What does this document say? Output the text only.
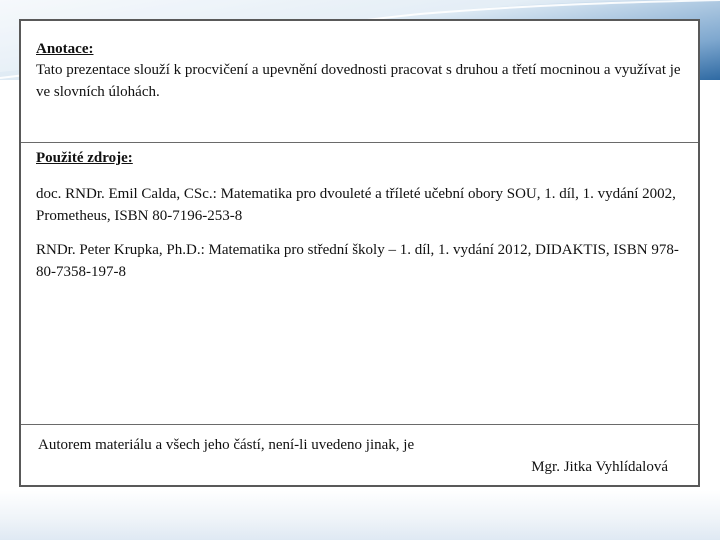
Anotace:

Tato prezentace slouží k procvičení a upevnění dovednosti pracovat s druhou a třetí mocninou a využívat je ve slovních úlohách.

Použité zdroje:

doc. RNDr. Emil Calda, CSc.: Matematika pro dvouleté a tříleté učební obory SOU, 1. díl, 1. vydání 2002, Prometheus, ISBN 80-7196-253-8

RNDr. Peter Krupka, Ph.D.: Matematika pro střední školy – 1. díl, 1. vydání 2012, DIDAKTIS, ISBN 978-80-7358-197-8

Autorem materiálu a všech jeho částí, není-li uvedeno jinak, je

Mgr. Jitka Vyhlídalová
